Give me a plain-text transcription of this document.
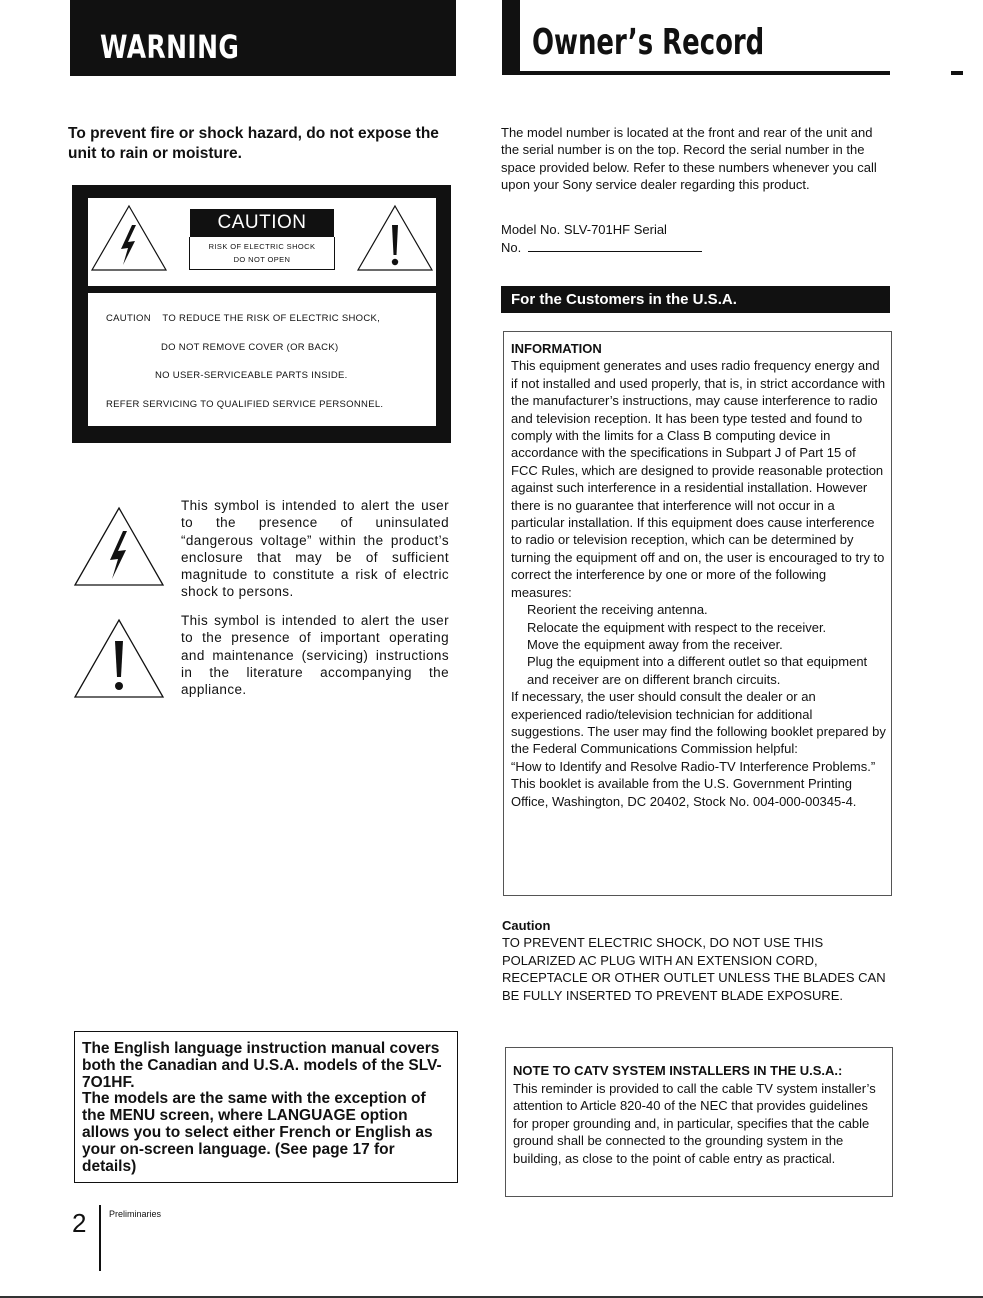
WARNING	Owner’s Record
To prevent fire or shock hazard, do not expose the unit to rain or moisture.
CAUTION
RISK OF ELECTRIC SHOCK
DO NOT OPEN
CAUTION    TO REDUCE THE RISK OF ELECTRIC SHOCK,
DO NOT REMOVE COVER (OR BACK)
NO USER-SERVICEABLE PARTS INSIDE.
REFER SERVICING TO QUALIFIED SERVICE PERSONNEL.
This symbol is intended to alert the user to the presence of uninsulated “dangerous voltage” within the product’s enclosure that may be of sufficient magnitude to constitute a risk of electric shock to persons.
This symbol is intended to alert the user to the presence of important operating and maintenance (servicing) instructions in the literature accompanying the appliance.
The English language instruction manual covers both the Canadian and U.S.A. models of the SLV-7O1HF.
The models are the same with the exception of the MENU screen, where LANGUAGE option allows you to select either French or English as your on-screen language. (See page 17 for details)
2	Preliminaries
The model number is located at the front and rear of the unit and the serial number is on the top. Record the serial number in the space provided below. Refer to these numbers whenever you call upon your Sony service dealer regarding this product.
Model No. SLV-701HF Serial
No.
For the Customers in the U.S.A.
INFORMATION
This equipment generates and uses radio frequency energy and if not installed and used properly, that is, in strict accordance with the manufacturer’s instructions, may cause interference to radio and television reception. It has been type tested and found to comply with the limits for a Class B computing device in accordance with the specifications in Subpart J of Part 15 of FCC Rules, which are designed to provide reasonable protection against such interference in a residential installation. However there is no guarantee that interference will not occur in a particular installation. If this equipment does cause interference to radio or television reception, which can be determined by turning the equipment off and on, the user is encouraged to try to correct the interference by one or more of the following measures:
Reorient the receiving antenna.
Relocate the equipment with respect to the receiver.
Move the equipment away from the receiver.
Plug the equipment into a different outlet so that equipment and receiver are on different branch circuits.
If necessary, the user should consult the dealer or an experienced radio/television technician for additional suggestions. The user may find the following booklet prepared by the Federal Communications Commission helpful:
“How to Identify and Resolve Radio-TV Interference Problems.”
This booklet is available from the U.S. Government Printing Office, Washington, DC 20402, Stock No. 004-000-00345-4.
Caution
TO PREVENT ELECTRIC SHOCK, DO NOT USE THIS POLARIZED AC PLUG WITH AN EXTENSION CORD, RECEPTACLE OR OTHER OUTLET UNLESS THE BLADES CAN BE FULLY INSERTED TO PREVENT BLADE EXPOSURE.
NOTE TO CATV SYSTEM INSTALLERS IN THE U.S.A.:
This reminder is provided to call the cable TV system installer’s attention to Article 820-40 of the NEC that provides guidelines for proper grounding and, in particular, specifies that the cable ground shall be connected to the grounding system in the building, as close to the point of cable entry as practical.
